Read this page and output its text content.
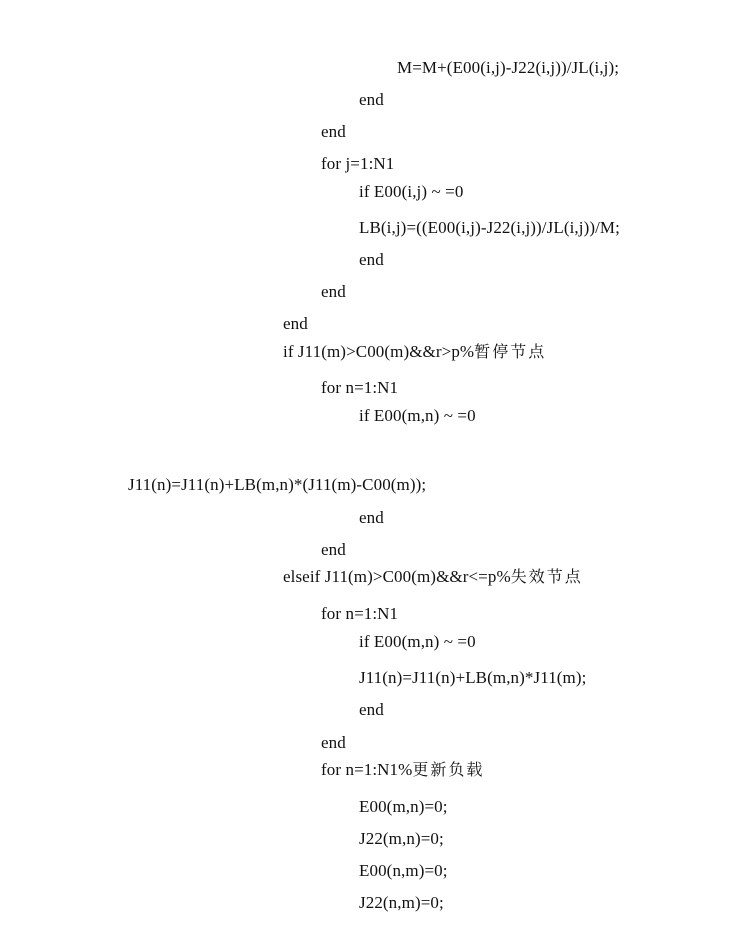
M=M+(E00(i,j)-J22(i,j))/JL(i,j);
end
end
for j=1:N1
if E00(i,j) ~ =0
LB(i,j)=((E00(i,j)-J22(i,j))/JL(i,j))/M;
end
end
end
if J11(m)>C00(m)&&r>p%暂停节点
for n=1:N1
if E00(m,n) ~ =0
J11(n)=J11(n)+LB(m,n)*(J11(m)-C00(m));
end
end
elseif J11(m)>C00(m)&&r<=p%失效节点
for n=1:N1
if E00(m,n) ~ =0
J11(n)=J11(n)+LB(m,n)*J11(m);
end
end
for n=1:N1%更新负载
E00(m,n)=0;
J22(m,n)=0;
E00(n,m)=0;
J22(n,m)=0;
